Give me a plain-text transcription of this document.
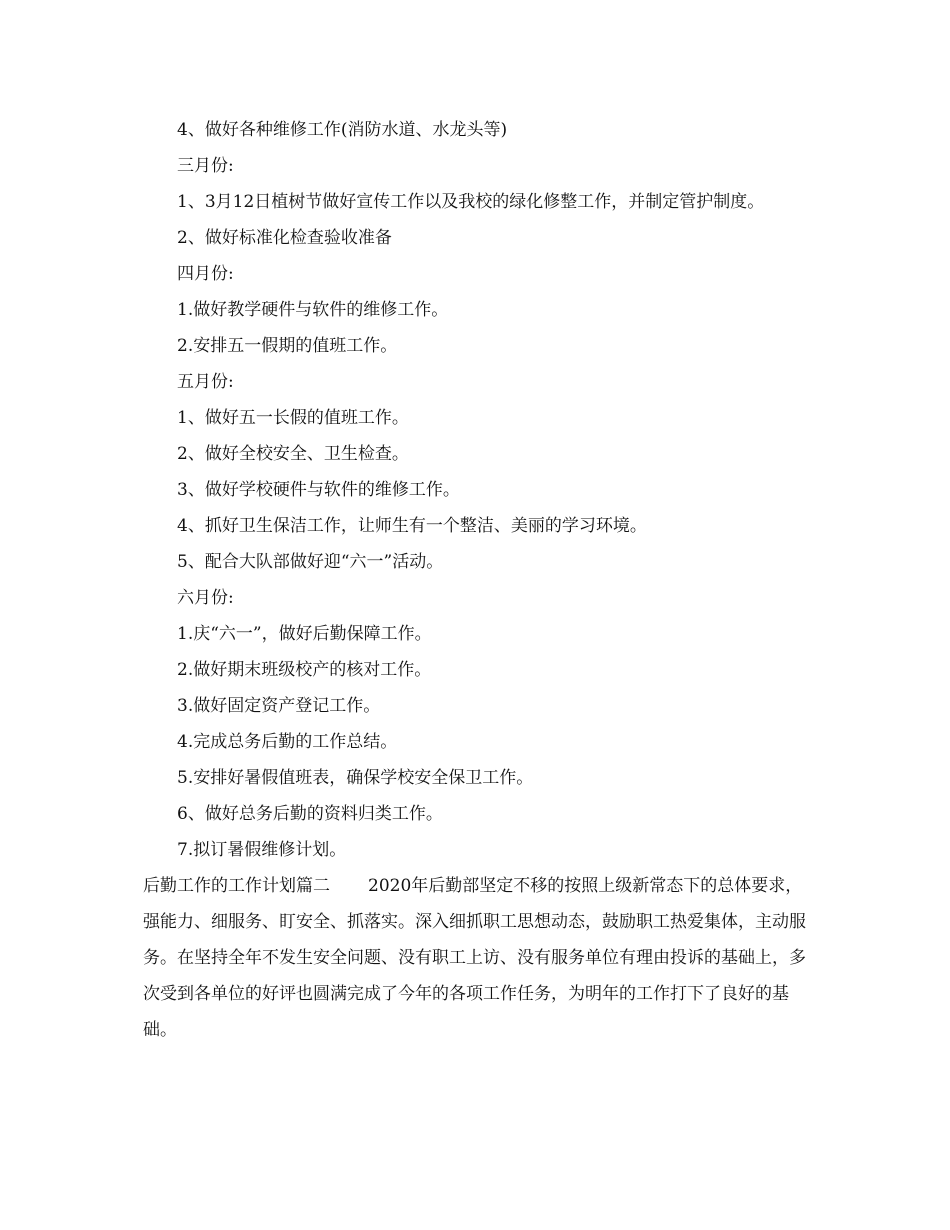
4、做好各种维修工作(消防水道、水龙头等)
三月份:

1、3月12日植树节做好宣传工作以及我校的绿化修整工作，并制定管护制度。

2、做好标准化检查验收准备
四月份:
1.做好教学硬件与软件的维修工作。
2.安排五一假期的值班工作。
五月份:
1、做好五一长假的值班工作。
2、做好全校安全、卫生检查。
3、做好学校硬件与软件的维修工作。
4、抓好卫生保洁工作，让师生有一个整洁、美丽的学习环境。
5、配合大队部做好迎“六一”活动。
六月份:
1.庆“六一”，做好后勤保障工作。
2.做好期末班级校产的核对工作。
3.做好固定资产登记工作。
4.完成总务后勤的工作总结。
5.安排好暑假值班表，确保学校安全保卫工作。
6、做好总务后勤的资料归类工作。
7.拟订暑假维修计划。
后勤工作的工作计划篇二 2020年后勤部坚定不移的按照上级新常态下的总体要求，强能力、细服务、盯安全、抓落实。深入细抓职工思想动态，鼓励职工热爱集体，主动服务。在坚持全年不发生安全问题、没有职工上访、没有服务单位有理由投诉的基础上，多次受到各单位的好评也圆满完成了今年的各项工作任务，为明年的工作打下了良好的基础。
